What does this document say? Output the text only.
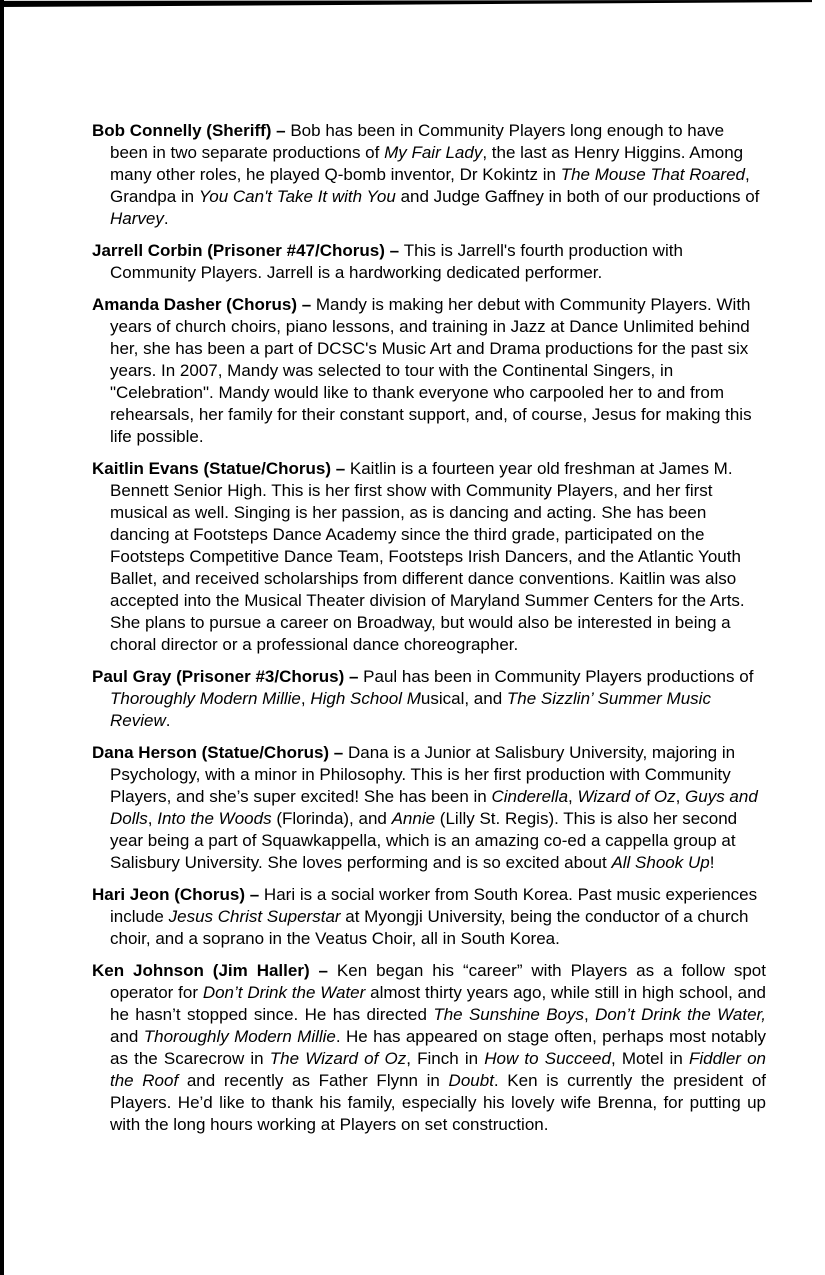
Bob Connelly (Sheriff) – Bob has been in Community Players long enough to have been in two separate productions of My Fair Lady, the last as Henry Higgins. Among many other roles, he played Q-bomb inventor, Dr Kokintz in The Mouse That Roared, Grandpa in You Can't Take It with You and Judge Gaffney in both of our productions of Harvey.

Jarrell Corbin (Prisoner #47/Chorus) – This is Jarrell's fourth production with Community Players. Jarrell is a hardworking dedicated performer.

Amanda Dasher (Chorus) – Mandy is making her debut with Community Players. With years of church choirs, piano lessons, and training in Jazz at Dance Unlimited behind her, she has been a part of DCSC's Music Art and Drama productions for the past six years. In 2007, Mandy was selected to tour with the Continental Singers, in "Celebration". Mandy would like to thank everyone who carpooled her to and from rehearsals, her family for their constant support, and, of course, Jesus for making this life possible.

Kaitlin Evans (Statue/Chorus) – Kaitlin is a fourteen year old freshman at James M. Bennett Senior High. This is her first show with Community Players, and her first musical as well. Singing is her passion, as is dancing and acting. She has been dancing at Footsteps Dance Academy since the third grade, participated on the Footsteps Competitive Dance Team, Footsteps Irish Dancers, and the Atlantic Youth Ballet, and received scholarships from different dance conventions. Kaitlin was also accepted into the Musical Theater division of Maryland Summer Centers for the Arts. She plans to pursue a career on Broadway, but would also be interested in being a choral director or a professional dance choreographer.

Paul Gray (Prisoner #3/Chorus) – Paul has been in Community Players productions of Thoroughly Modern Millie, High School Musical, and The Sizzlin’ Summer Music Review.

Dana Herson (Statue/Chorus) – Dana is a Junior at Salisbury University, majoring in Psychology, with a minor in Philosophy. This is her first production with Community Players, and she’s super excited! She has been in Cinderella, Wizard of Oz, Guys and Dolls, Into the Woods (Florinda), and Annie (Lilly St. Regis). This is also her second year being a part of Squawkappella, which is an amazing co-ed a cappella group at Salisbury University. She loves performing and is so excited about All Shook Up!

Hari Jeon (Chorus) – Hari is a social worker from South Korea. Past music experiences include Jesus Christ Superstar at Myongji University, being the conductor of a church choir, and a soprano in the Veatus Choir, all in South Korea.

Ken Johnson (Jim Haller) – Ken began his “career” with Players as a follow spot operator for Don’t Drink the Water almost thirty years ago, while still in high school, and he hasn’t stopped since. He has directed The Sunshine Boys, Don’t Drink the Water, and Thoroughly Modern Millie. He has appeared on stage often, perhaps most notably as the Scarecrow in The Wizard of Oz, Finch in How to Succeed, Motel in Fiddler on the Roof and recently as Father Flynn in Doubt. Ken is currently the president of Players. He’d like to thank his family, especially his lovely wife Brenna, for putting up with the long hours working at Players on set construction.
